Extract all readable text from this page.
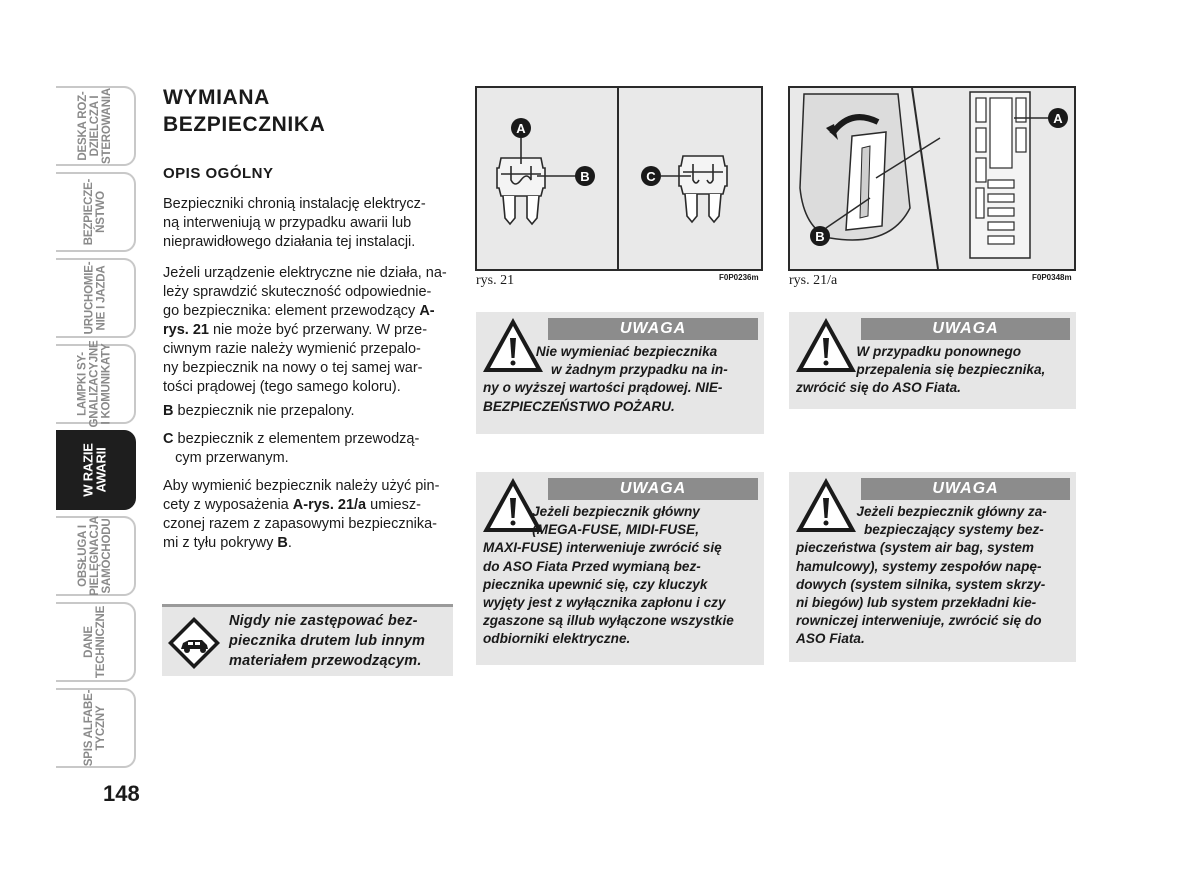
DESKA ROZ-
DZIELCZA I
STEROWANIA
BEZPIECZE-
ŃSTWO
URUCHOMIE-
NIE I JAZDA
LAMPKI SY-
GNALIZACYJNE
I KOMUNIKATY
W RAZIE
AWARII
OBSŁUGA I
PIELĘGNACJA
SAMOCHODU
DANE
TECHNICZNE
SPIS ALFABE-
TYCZNY
148
WYMIANA
BEZPIECZNIKA
OPIS OGÓLNY
Bezpieczniki chronią instalację elektrycz-
ną interweniują w przypadku awarii lub
nieprawidłowego działania tej instalacji.
Jeżeli urządzenie elektryczne nie działa, na-
leży sprawdzić skuteczność odpowiednie-
go bezpiecznika: element przewodzący A-
rys. 21 nie może być przerwany. W prze-
ciwnym razie należy wymienić przepalo-
ny bezpiecznik na nowy o tej samej war-
tości prądowej (tego samego koloru).
B bezpiecznik nie przepalony.
C bezpiecznik z elementem przewodzą-
cym przerwanym.
Aby wymienić bezpiecznik należy użyć pin-
cety z wyposażenia A-rys. 21/a umiesz-
czonej razem z zapasowymi bezpiecznika-
mi z tyłu pokrywy B.
Nigdy nie zastępować bez-
piecznika drutem lub innym
materiałem przewodzącym.
A
B	C
rys. 21	F0P0236m
A
B
rys. 21/a	F0P0348m
UWAGA
Nie wymieniać bezpiecznika
w żadnym przypadku na in-
ny o wyższej wartości prądowej. NIE-
BEZPIECZEŃSTWO POŻARU.
UWAGA
W przypadku ponownego
przepalenia się bezpiecznika,
zwrócić się do ASO Fiata.
UWAGA
Jeżeli bezpiecznik główny
(MEGA-FUSE, MIDI-FUSE,
MAXI-FUSE) interweniuje zwrócić się
do ASO Fiata Przed wymianą bez-
piecznika upewnić się, czy kluczyk
wyjęty jest z wyłącznika zapłonu i czy
zgaszone są illub wyłączone wszystkie
odbiorniki elektryczne.
UWAGA
Jeżeli bezpiecznik główny za-
bezpieczający systemy bez-
pieczeństwa (system air bag, system
hamulcowy), systemy zespołów napę-
dowych (system silnika, system skrzy-
ni biegów) lub system przekładni kie-
rowniczej interweniuje, zwrócić się do
ASO Fiata.
